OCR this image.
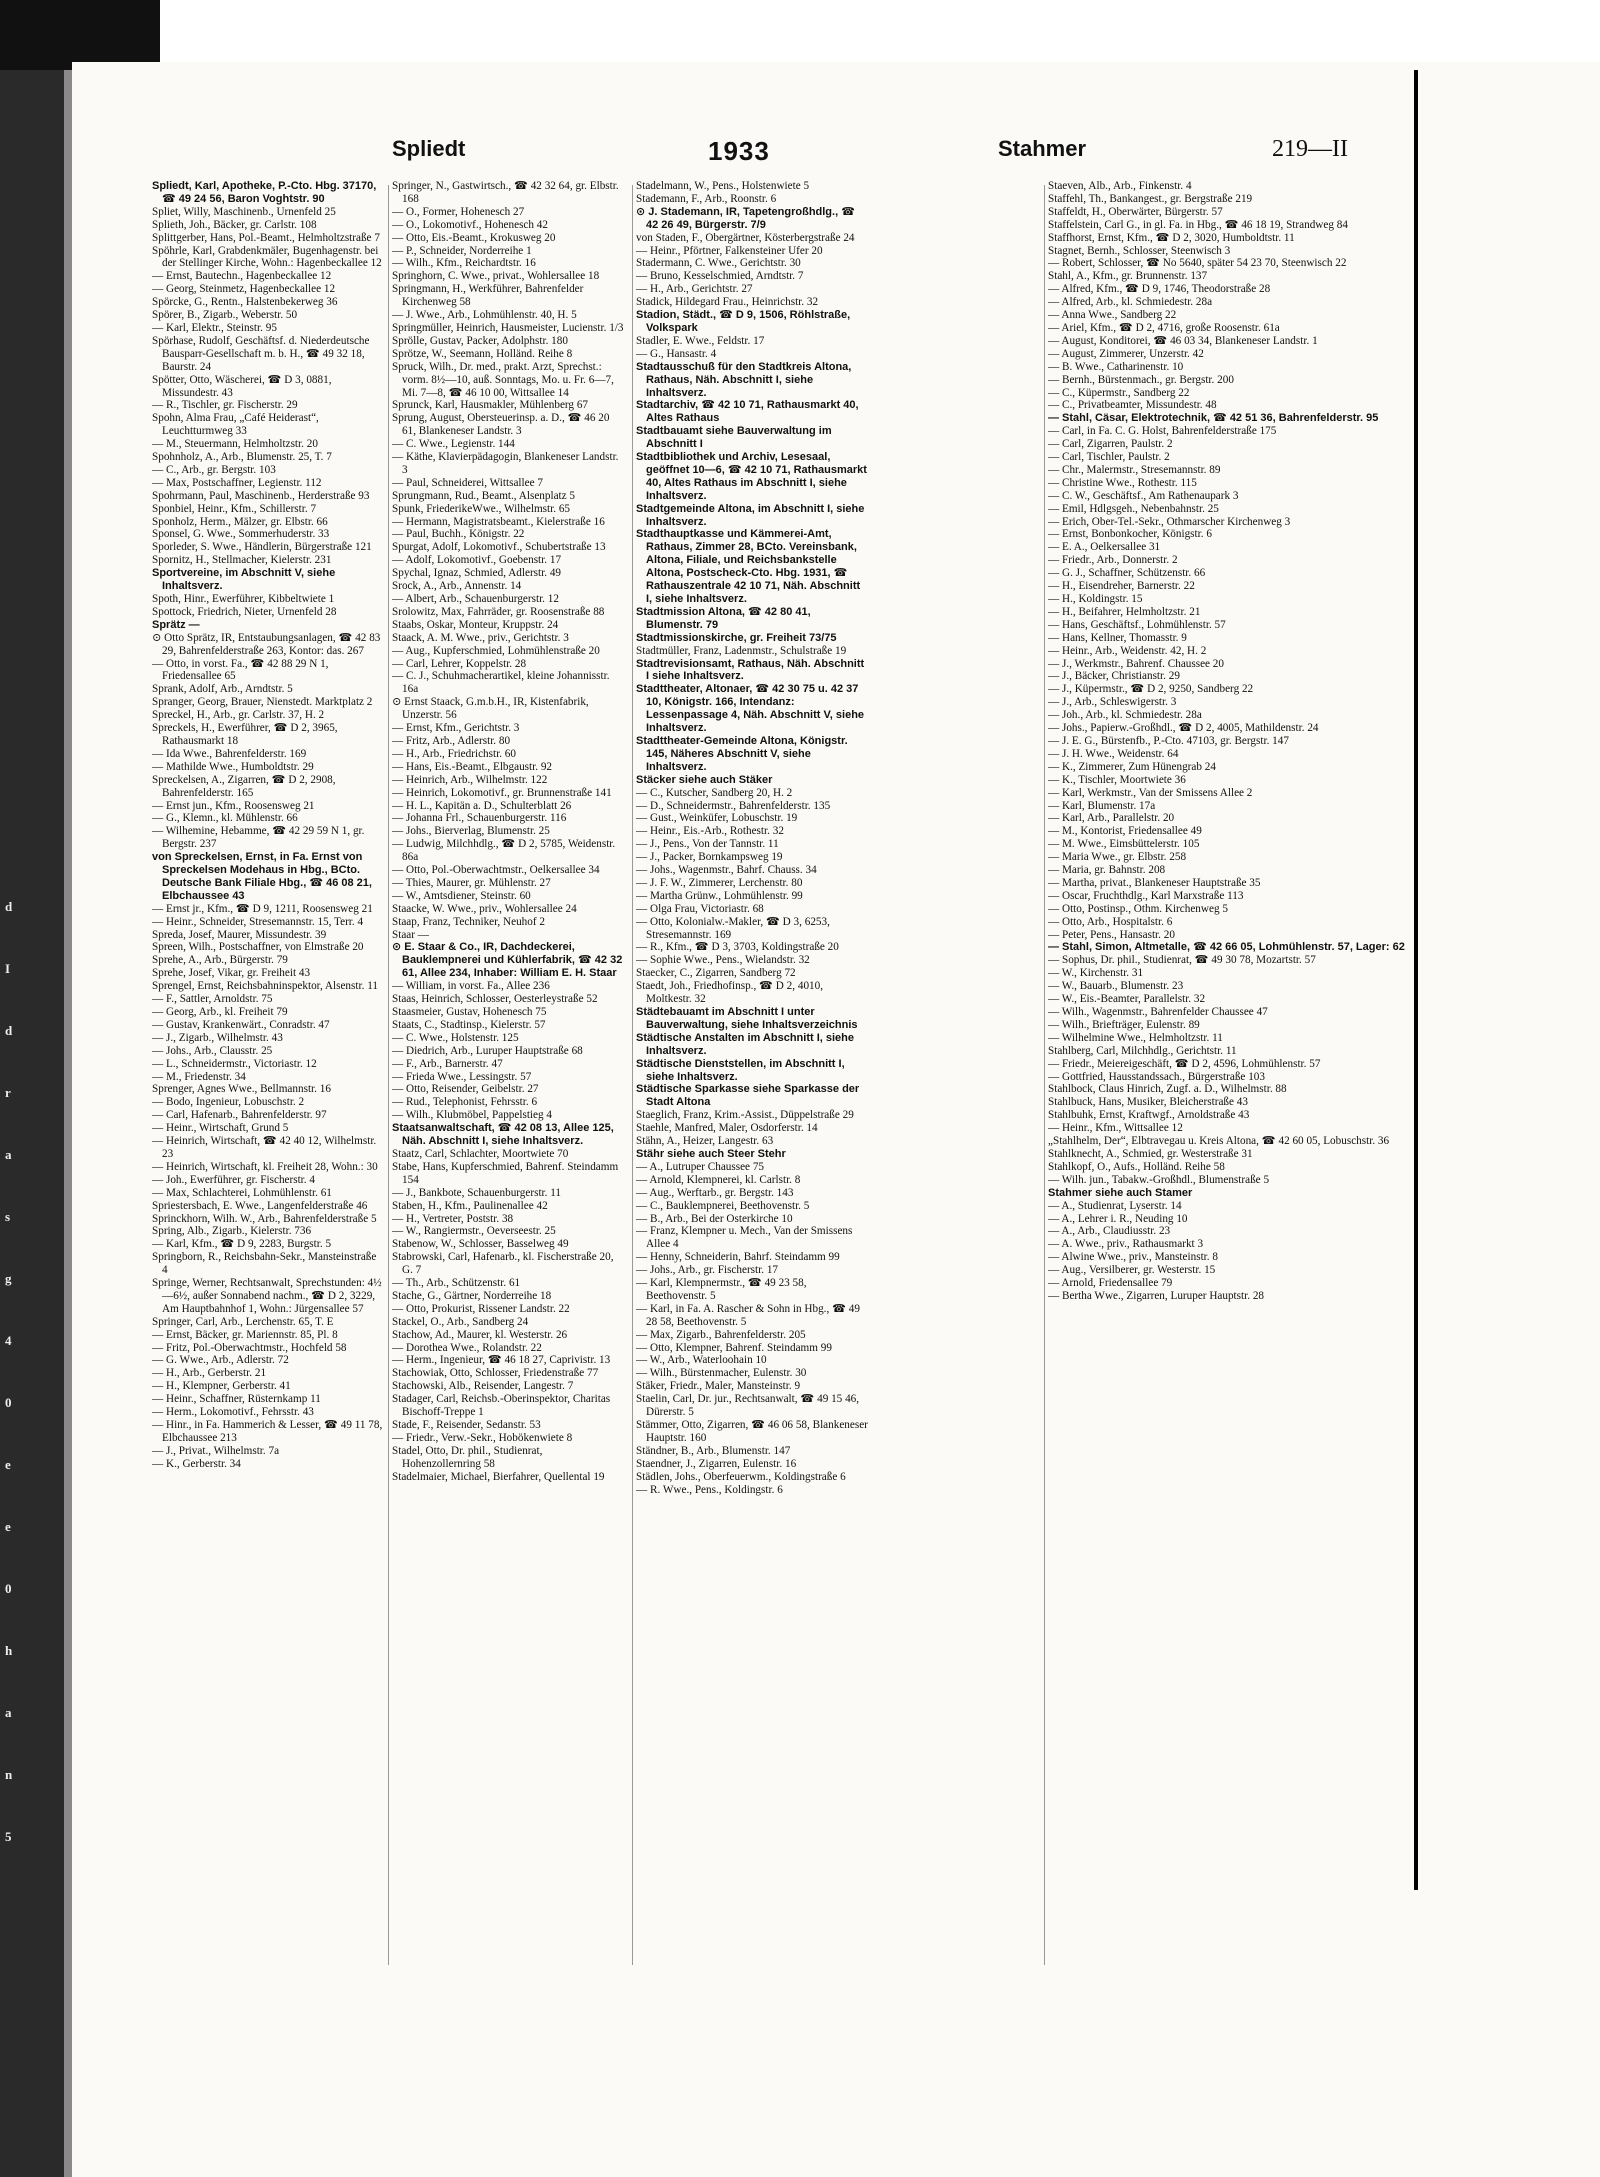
d
I
d
r
a
s
g
4
0
e
e
0
h
a
n
5
Spliedt	1933	Stahmer	219—II
Spliedt, Karl, Apotheke, P.-Cto. Hbg. 37170, ☎ 49 24 56, Baron Voghtstr. 90
Spliet, Willy, Maschinenb., Urnenfeld 25
Splieth, Joh., Bäcker, gr. Carlstr. 108
Splittgerber, Hans, Pol.-Beamt., Helmholtzstraße 7
Spöhrle, Karl, Grabdenkmäler, Bugenhagenstr. bei der Stellinger Kirche, Wohn.: Hagenbeckallee 12
— Ernst, Bautechn., Hagenbeckallee 12
— Georg, Steinmetz, Hagenbeckallee 12
Spörcke, G., Rentn., Halstenbekerweg 36
Spörer, B., Zigarb., Weberstr. 50
— Karl, Elektr., Steinstr. 95
Spörhase, Rudolf, Geschäftsf. d. Niederdeutsche Bausparr-Gesellschaft m. b. H., ☎ 49 32 18, Baurstr. 24
Spötter, Otto, Wäscherei, ☎ D 3, 0881, Missundestr. 43
— R., Tischler, gr. Fischerstr. 29
Spohn, Alma Frau, „Café Heiderast“, Leuchtturmweg 33
— M., Steuermann, Helmholtzstr. 20
Spohnholz, A., Arb., Blumenstr. 25, T. 7
— C., Arb., gr. Bergstr. 103
— Max, Postschaffner, Legienstr. 112
Spohrmann, Paul, Maschinenb., Herderstraße 93
Sponbiel, Heinr., Kfm., Schillerstr. 7
Sponholz, Herm., Mälzer, gr. Elbstr. 66
Sponsel, G. Wwe., Sommerhuderstr. 33
Sporleder, S. Wwe., Händlerin, Bürgerstraße 121
Spornitz, H., Stellmacher, Kielerstr. 231
Sportvereine, im Abschnitt V, siehe Inhaltsverz.
Spoth, Hinr., Ewerführer, Kibbeltwiete 1
Spottock, Friedrich, Nieter, Urnenfeld 28
Sprätz —
⊙ Otto Sprätz, IR, Entstaubungsanlagen, ☎ 42 83 29, Bahrenfelderstraße 263, Kontor: das. 267
— Otto, in vorst. Fa., ☎ 42 88 29 N 1, Friedensallee 65
Sprank, Adolf, Arb., Arndtstr. 5
Spranger, Georg, Brauer, Nienstedt. Marktplatz 2
Spreckel, H., Arb., gr. Carlstr. 37, H. 2
Spreckels, H., Ewerführer, ☎ D 2, 3965, Rathausmarkt 18
— Ida Wwe., Bahrenfelderstr. 169
— Mathilde Wwe., Humboldtstr. 29
Spreckelsen, A., Zigarren, ☎ D 2, 2908, Bahrenfelderstr. 165
— Ernst jun., Kfm., Roosensweg 21
— G., Klemn., kl. Mühlenstr. 66
— Wilhemine, Hebamme, ☎ 42 29 59 N 1, gr. Bergstr. 237
von Spreckelsen, Ernst, in Fa. Ernst von Spreckelsen Modehaus in Hbg., BCto. Deutsche Bank Filiale Hbg., ☎ 46 08 21, Elbchaussee 43
— Ernst jr., Kfm., ☎ D 9, 1211, Roosensweg 21
— Heinr., Schneider, Stresemannstr. 15, Terr. 4
Spreda, Josef, Maurer, Missundestr. 39
Spreen, Wilh., Postschaffner, von Elmstraße 20
Sprehe, A., Arb., Bürgerstr. 79
Sprehe, Josef, Vikar, gr. Freiheit 43
Sprengel, Ernst, Reichsbahninspektor, Alsenstr. 11
— F., Sattler, Arnoldstr. 75
— Georg, Arb., kl. Freiheit 79
— Gustav, Krankenwärt., Conradstr. 47
— J., Zigarb., Wilhelmstr. 43
— Johs., Arb., Clausstr. 25
— L., Schneidermstr., Victoriastr. 12
— M., Friedenstr. 34
Sprenger, Agnes Wwe., Bellmannstr. 16
— Bodo, Ingenieur, Lobuschstr. 2
— Carl, Hafenarb., Bahrenfelderstr. 97
— Heinr., Wirtschaft, Grund 5
— Heinrich, Wirtschaft, ☎ 42 40 12, Wilhelmstr. 23
— Heinrich, Wirtschaft, kl. Freiheit 28, Wohn.: 30
— Joh., Ewerführer, gr. Fischerstr. 4
— Max, Schlachterei, Lohmühlenstr. 61
Spriestersbach, E. Wwe., Langenfelderstraße 46
Sprinckhorn, Wilh. W., Arb., Bahrenfelderstraße 5
Spring, Alb., Zigarb., Kielerstr. 736
— Karl, Kfm., ☎ D 9, 2283, Burgstr. 5
Springborn, R., Reichsbahn-Sekr., Mansteinstraße 4
Springe, Werner, Rechtsanwalt, Sprechstunden: 4½—6½, außer Sonnabend nachm., ☎ D 2, 3229, Am Hauptbahnhof 1, Wohn.: Jürgensallee 57
Springer, Carl, Arb., Lerchenstr. 65, T. E
— Ernst, Bäcker, gr. Mariennstr. 85, Pl. 8
— Fritz, Pol.-Oberwachtmstr., Hochfeld 58
— G. Wwe., Arb., Adlerstr. 72
— H., Arb., Gerberstr. 21
— H., Klempner, Gerberstr. 41
— Heinr., Schaffner, Rüsternkamp 11
— Herm., Lokomotivf., Fehrsstr. 43
— Hinr., in Fa. Hammerich & Lesser, ☎ 49 11 78, Elbchaussee 213
— J., Privat., Wilhelmstr. 7a
— K., Gerberstr. 34
Springer, N., Gastwirtsch., ☎ 42 32 64, gr. Elbstr. 168
— O., Former, Hohenesch 27
— O., Lokomotivf., Hohenesch 42
— Otto, Eis.-Beamt., Krokusweg 20
— P., Schneider, Norderreihe 1
— Wilh., Kfm., Reichardtstr. 16
Springhorn, C. Wwe., privat., Wohlersallee 18
Springmann, H., Werkführer, Bahrenfelder Kirchenweg 58
— J. Wwe., Arb., Lohmühlenstr. 40, H. 5
Springmüller, Heinrich, Hausmeister, Lucienstr. 1/3
Sprölle, Gustav, Packer, Adolphstr. 180
Sprötze, W., Seemann, Holländ. Reihe 8
Spruck, Wilh., Dr. med., prakt. Arzt, Sprechst.: vorm. 8½—10, auß. Sonntags, Mo. u. Fr. 6—7, Mi. 7—8, ☎ 46 10 00, Wittsallee 14
Sprunck, Karl, Hausmakler, Mühlenberg 67
Sprung, August, Obersteuerinsp. a. D., ☎ 46 20 61, Blankeneser Landstr. 3
— C. Wwe., Legienstr. 144
— Käthe, Klavierpädagogin, Blankeneser Landstr. 3
— Paul, Schneiderei, Wittsallee 7
Sprungmann, Rud., Beamt., Alsenplatz 5
Spunk, FriederikeWwe., Wilhelmstr. 65
— Hermann, Magistratsbeamt., Kielerstraße 16
— Paul, Buchh., Königstr. 22
Spurgat, Adolf, Lokomotivf., Schubertstraße 13
— Adolf, Lokomotivf., Goebenstr. 17
Spychal, Ignaz, Schmied, Adlerstr. 49
Srock, A., Arb., Annenstr. 14
— Albert, Arb., Schauenburgerstr. 12
Srolowitz, Max, Fahrräder, gr. Roosenstraße 88
Staabs, Oskar, Monteur, Kruppstr. 24
Staack, A. M. Wwe., priv., Gerichtstr. 3
— Aug., Kupferschmied, Lohmühlenstraße 20
— Carl, Lehrer, Koppelstr. 28
— C. J., Schuhmacherartikel, kleine Johannisstr. 16a
⊙ Ernst Staack, G.m.b.H., IR, Kistenfabrik, Unzerstr. 56
— Ernst, Kfm., Gerichtstr. 3
— Fritz, Arb., Adlerstr. 80
— H., Arb., Friedrichstr. 60
— Hans, Eis.-Beamt., Elbgaustr. 92
— Heinrich, Arb., Wilhelmstr. 122
— Heinrich, Lokomotivf., gr. Brunnenstraße 141
— H. L., Kapitän a. D., Schulterblatt 26
— Johanna Frl., Schauenburgerstr. 116
— Johs., Bierverlag, Blumenstr. 25
— Ludwig, Milchhdlg., ☎ D 2, 5785, Weidenstr. 86a
— Otto, Pol.-Oberwachtmstr., Oelkersallee 34
— Thies, Maurer, gr. Mühlenstr. 27
— W., Amtsdiener, Steinstr. 60
Staacke, W. Wwe., priv., Wohlersallee 24
Staap, Franz, Techniker, Neuhof 2
Staar —
⊙ E. Staar & Co., IR, Dachdeckerei, Bauklempnerei und Kühlerfabrik, ☎ 42 32 61, Allee 234, Inhaber: William E. H. Staar
— William, in vorst. Fa., Allee 236
Staas, Heinrich, Schlosser, Oesterleystraße 52
Staasmeier, Gustav, Hohenesch 75
Staats, C., Stadtinsp., Kielerstr. 57
— C. Wwe., Holstenstr. 125
— Diedrich, Arb., Luruper Hauptstraße 68
— F., Arb., Barnerstr. 47
— Frieda Wwe., Lessingstr. 57
— Otto, Reisender, Geibelstr. 27
— Rud., Telephonist, Fehrsstr. 6
— Wilh., Klubmöbel, Pappelstieg 4
Staatsanwaltschaft, ☎ 42 08 13, Allee 125, Näh. Abschnitt I, siehe Inhaltsverz.
Staatz, Carl, Schlachter, Moortwiete 70
Stabe, Hans, Kupferschmied, Bahrenf. Steindamm 154
— J., Bankbote, Schauenburgerstr. 11
Staben, H., Kfm., Paulinenallee 42
— H., Vertreter, Poststr. 38
— W., Rangiermstr., Oeverseestr. 25
Stabenow, W., Schlosser, Basselweg 49
Stabrowski, Carl, Hafenarb., kl. Fischerstraße 20, G. 7
— Th., Arb., Schützenstr. 61
Stache, G., Gärtner, Norderreihe 18
— Otto, Prokurist, Rissener Landstr. 22
Stackel, O., Arb., Sandberg 24
Stachow, Ad., Maurer, kl. Westerstr. 26
— Dorothea Wwe., Rolandstr. 22
— Herm., Ingenieur, ☎ 46 18 27, Caprivistr. 13
Stachowiak, Otto, Schlosser, Friedenstraße 77
Stachowski, Alb., Reisender, Langestr. 7
Stadager, Carl, Reichsb.-Oberinspektor, Charitas Bischoff-Treppe 1
Stade, F., Reisender, Sedanstr. 53
— Friedr., Verw.-Sekr., Hobökenwiete 8
Stadel, Otto, Dr. phil., Studienrat, Hohenzollernring 58
Stadelmaier, Michael, Bierfahrer, Quellental 19
Stadelmann, W., Pens., Holstenwiete 5
Stademann, F., Arb., Roonstr. 6
⊙ J. Stademann, IR, Tapetengroßhdlg., ☎ 42 26 49, Bürgerstr. 7/9
von Staden, F., Obergärtner, Kösterbergstraße 24
— Heinr., Pförtner, Falkensteiner Ufer 20
Stadermann, C. Wwe., Gerichtstr. 30
— Bruno, Kesselschmied, Arndtstr. 7
— H., Arb., Gerichtstr. 27
Stadick, Hildegard Frau., Heinrichstr. 32
Stadion, Städt., ☎ D 9, 1506, Röhlstraße, Volkspark
Stadler, E. Wwe., Feldstr. 17
— G., Hansastr. 4
Stadtausschuß für den Stadtkreis Altona, Rathaus, Näh. Abschnitt I, siehe Inhaltsverz.
Stadtarchiv, ☎ 42 10 71, Rathausmarkt 40, Altes Rathaus
Stadtbauamt siehe Bauverwaltung im Abschnitt I
Stadtbibliothek und Archiv, Lesesaal, geöffnet 10—6, ☎ 42 10 71, Rathausmarkt 40, Altes Rathaus im Abschnitt I, siehe Inhaltsverz.
Stadtgemeinde Altona, im Abschnitt I, siehe Inhaltsverz.
Stadthauptkasse und Kämmerei-Amt, Rathaus, Zimmer 28, BCto. Vereinsbank, Altona, Filiale, und Reichsbankstelle Altona, Postscheck-Cto. Hbg. 1931, ☎ Rathauszentrale 42 10 71, Näh. Abschnitt I, siehe Inhaltsverz.
Stadtmission Altona, ☎ 42 80 41, Blumenstr. 79
Stadtmissionskirche, gr. Freiheit 73/75
Stadtmüller, Franz, Ladenmstr., Schulstraße 19
Stadtrevisionsamt, Rathaus, Näh. Abschnitt I siehe Inhaltsverz.
Stadttheater, Altonaer, ☎ 42 30 75 u. 42 37 10, Königstr. 166, Intendanz: Lessenpassage 4, Näh. Abschnitt V, siehe Inhaltsverz.
Stadttheater-Gemeinde Altona, Königstr. 145, Näheres Abschnitt V, siehe Inhaltsverz.
Stäcker siehe auch Stäker
— C., Kutscher, Sandberg 20, H. 2
— D., Schneidermstr., Bahrenfelderstr. 135
— Gust., Weinküfer, Lobuschstr. 19
— Heinr., Eis.-Arb., Rothestr. 32
— J., Pens., Von der Tannstr. 11
— J., Packer, Bornkampsweg 19
— Johs., Wagenmstr., Bahrf. Chauss. 34
— J. F. W., Zimmerer, Lerchenstr. 80
— Martha Grünw., Lohmühlenstr. 99
— Olga Frau, Victoriastr. 68
— Otto, Kolonialw.-Makler, ☎ D 3, 6253, Stresemannstr. 169
— R., Kfm., ☎ D 3, 3703, Koldingstraße 20
— Sophie Wwe., Pens., Wielandstr. 32
Staecker, C., Zigarren, Sandberg 72
Staedt, Joh., Friedhofinsp., ☎ D 2, 4010, Moltkestr. 32
Städtebauamt im Abschnitt I unter Bauverwaltung, siehe Inhaltsverzeichnis
Städtische Anstalten im Abschnitt I, siehe Inhaltsverz.
Städtische Dienststellen, im Abschnitt I, siehe Inhaltsverz.
Städtische Sparkasse siehe Sparkasse der Stadt Altona
Staeglich, Franz, Krim.-Assist., Düppelstraße 29
Staehle, Manfred, Maler, Osdorferstr. 14
Stähn, A., Heizer, Langestr. 63
Stähr siehe auch Steer Stehr
— A., Lutruper Chaussee 75
— Arnold, Klempnerei, kl. Carlstr. 8
— Aug., Werftarb., gr. Bergstr. 143
— C., Bauklempnerei, Beethovenstr. 5
— B., Arb., Bei der Osterkirche 10
— Franz, Klempner u. Mech., Van der Smissens Allee 4
— Henny, Schneiderin, Bahrf. Steindamm 99
— Johs., Arb., gr. Fischerstr. 17
— Karl, Klempnermstr., ☎ 49 23 58, Beethovenstr. 5
— Karl, in Fa. A. Rascher & Sohn in Hbg., ☎ 49 28 58, Beethovenstr. 5
— Max, Zigarb., Bahrenfelderstr. 205
— Otto, Klempner, Bahrenf. Steindamm 99
— W., Arb., Waterloohain 10
— Wilh., Bürstenmacher, Eulenstr. 30
Stäker, Friedr., Maler, Mansteinstr. 9
Staelin, Carl, Dr. jur., Rechtsanwalt, ☎ 49 15 46, Dürerstr. 5
Stämmer, Otto, Zigarren, ☎ 46 06 58, Blankeneser Hauptstr. 160
Ständner, B., Arb., Blumenstr. 147
Staendner, J., Zigarren, Eulenstr. 16
Städlen, Johs., Oberfeuerwm., Koldingstraße 6
— R. Wwe., Pens., Koldingstr. 6
Staeven, Alb., Arb., Finkenstr. 4
Staffehl, Th., Bankangest., gr. Bergstraße 219
Staffeldt, H., Oberwärter, Bürgerstr. 57
Staffelstein, Carl G., in gl. Fa. in Hbg., ☎ 46 18 19, Strandweg 84
Staffhorst, Ernst, Kfm., ☎ D 2, 3020, Humboldtstr. 11
Stagnet, Bernh., Schlosser, Steenwisch 3
— Robert, Schlosser, ☎ No 5640, später 54 23 70, Steenwisch 22
Stahl, A., Kfm., gr. Brunnenstr. 137
— Alfred, Kfm., ☎ D 9, 1746, Theodorstraße 28
— Alfred, Arb., kl. Schmiedestr. 28a
— Anna Wwe., Sandberg 22
— Ariel, Kfm., ☎ D 2, 4716, große Roosenstr. 61a
— August, Konditorei, ☎ 46 03 34, Blankeneser Landstr. 1
— August, Zimmerer, Unzerstr. 42
— B. Wwe., Catharinenstr. 10
— Bernh., Bürstenmach., gr. Bergstr. 200
— C., Küpermstr., Sandberg 22
— C., Privatbeamter, Missundestr. 48
— Stahl, Cäsar, Elektrotechnik, ☎ 42 51 36, Bahrenfelderstr. 95
— Carl, in Fa. C. G. Holst, Bahrenfelderstraße 175
— Carl, Zigarren, Paulstr. 2
— Carl, Tischler, Paulstr. 2
— Chr., Malermstr., Stresemannstr. 89
— Christine Wwe., Rothestr. 115
— C. W., Geschäftsf., Am Rathenaupark 3
— Emil, Hdlgsgeh., Nebenbahnstr. 25
— Erich, Ober-Tel.-Sekr., Othmarscher Kirchenweg 3
— Ernst, Bonbonkocher, Königstr. 6
— E. A., Oelkersallee 31
— Friedr., Arb., Donnerstr. 2
— G. J., Schaffner, Schützenstr. 66
— H., Eisendreher, Barnerstr. 22
— H., Koldingstr. 15
— H., Beifahrer, Helmholtzstr. 21
— Hans, Geschäftsf., Lohmühlenstr. 57
— Hans, Kellner, Thomasstr. 9
— Heinr., Arb., Weidenstr. 42, H. 2
— J., Werkmstr., Bahrenf. Chaussee 20
— J., Bäcker, Christianstr. 29
— J., Küpermstr., ☎ D 2, 9250, Sandberg 22
— J., Arb., Schleswigerstr. 3
— Joh., Arb., kl. Schmiedestr. 28a
— Johs., Papierw.-Großhdl., ☎ D 2, 4005, Mathildenstr. 24
— J. E. G., Bürstenfb., P.-Cto. 47103, gr. Bergstr. 147
— J. H. Wwe., Weidenstr. 64
— K., Zimmerer, Zum Hünengrab 24
— K., Tischler, Moortwiete 36
— Karl, Werkmstr., Van der Smissens Allee 2
— Karl, Blumenstr. 17a
— Karl, Arb., Parallelstr. 20
— M., Kontorist, Friedensallee 49
— M. Wwe., Eimsbüttelerstr. 105
— Maria Wwe., gr. Elbstr. 258
— Maria, gr. Bahnstr. 208
— Martha, privat., Blankeneser Hauptstraße 35
— Oscar, Fruchthdlg., Karl Marxstraße 113
— Otto, Postinsp., Othm. Kirchenweg 5
— Otto, Arb., Hospitalstr. 6
— Peter, Pens., Hansastr. 20
— Stahl, Simon, Altmetalle, ☎ 42 66 05, Lohmühlenstr. 57, Lager: 62
— Sophus, Dr. phil., Studienrat, ☎ 49 30 78, Mozartstr. 57
— W., Kirchenstr. 31
— W., Bauarb., Blumenstr. 23
— W., Eis.-Beamter, Parallelstr. 32
— Wilh., Wagenmstr., Bahrenfelder Chaussee 47
— Wilh., Briefträger, Eulenstr. 89
— Wilhelmine Wwe., Helmholtzstr. 11
Stahlberg, Carl, Milchhdlg., Gerichtstr. 11
— Friedr., Meiereigeschäft, ☎ D 2, 4596, Lohmühlenstr. 57
— Gottfried, Hausstandssach., Bürgerstraße 103
Stahlbock, Claus Hinrich, Zugf. a. D., Wilhelmstr. 88
Stahlbuck, Hans, Musiker, Bleicherstraße 43
Stahlbuhk, Ernst, Kraftwgf., Arnoldstraße 43
— Heinr., Kfm., Wittsallee 12
„Stahlhelm, Der“, Elbtravegau u. Kreis Altona, ☎ 42 60 05, Lobuschstr. 36
Stahlknecht, A., Schmied, gr. Westerstraße 31
Stahlkopf, O., Aufs., Holländ. Reihe 58
— Wilh. jun., Tabakw.-Großhdl., Blumenstraße 5
Stahmer siehe auch Stamer
— A., Studienrat, Lyserstr. 14
— A., Lehrer i. R., Neuding 10
— A., Arb., Claudiusstr. 23
— A. Wwe., priv., Rathausmarkt 3
— Alwine Wwe., priv., Mansteinstr. 8
— Aug., Versilberer, gr. Westerstr. 15
— Arnold, Friedensallee 79
— Bertha Wwe., Zigarren, Luruper Hauptstr. 28
